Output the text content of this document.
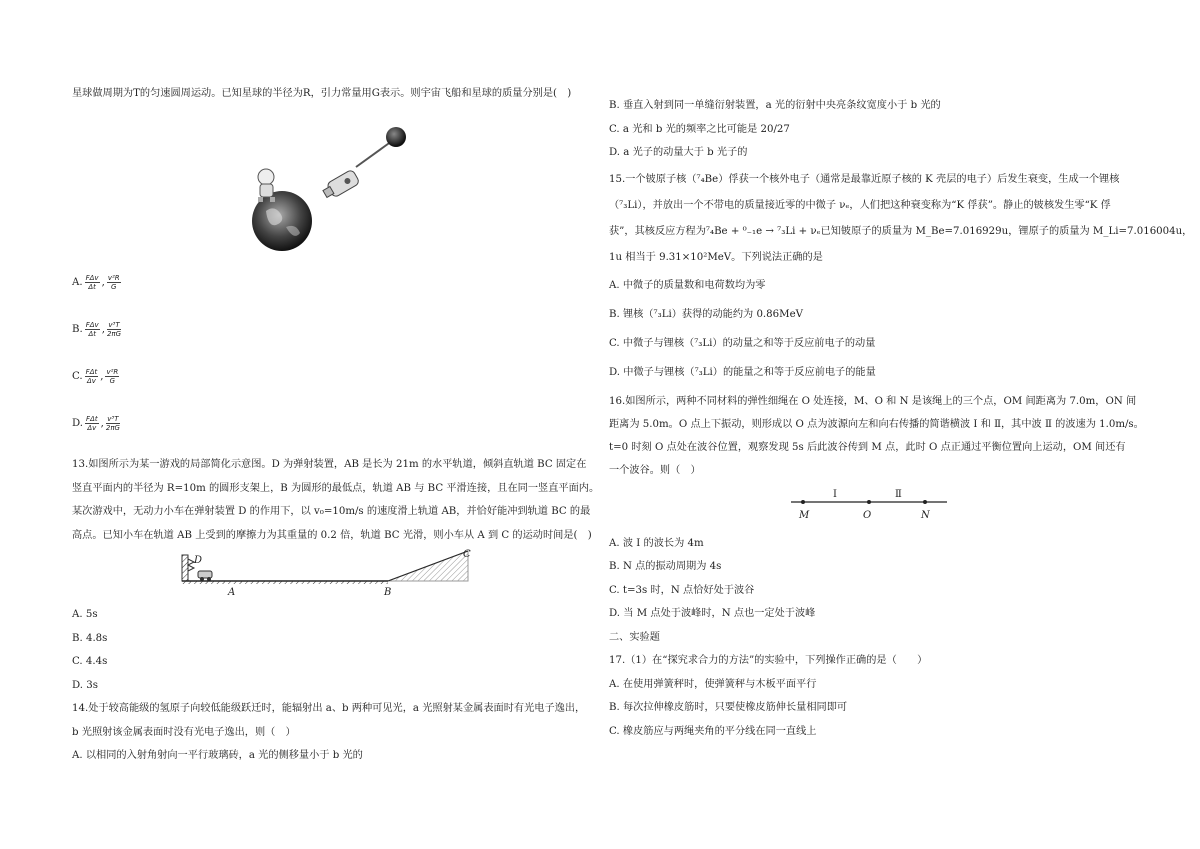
星球做周期为T的匀速圆周运动。已知星球的半径为R，引力常量用G表示。则宇宙飞船和星球的质量分别是(　)

A. $\frac{\text{FΔv}}{\Delta t}$ , $\frac{\text{v²R}}{G}$
B. $\frac{\text{FΔv}}{\Delta t}$ , $\frac{\text{v³T}}{2\pi G}$
C. $\frac{\text{FΔt}}{\Delta v}$ , $\frac{\text{v²R}}{G}$
D. $\frac{\text{FΔt}}{\Delta v}$ , $\frac{\text{v³T}}{2\pi G}$

13.如图所示为某一游戏的局部简化示意图。D 为弹射装置，AB 是长为 21m 的水平轨道，倾斜直轨道 BC 固定在

竖直平面内的半径为 R=10m 的圆形支架上，B 为圆形的最低点，轨道 AB 与 BC 平滑连接，且在同一竖直平面内。

某次游戏中，无动力小车在弹射装置 D 的作用下，以 v₀=10m/s 的速度滑上轨道 AB，并恰好能冲到轨道 BC 的最

高点。已知小车在轨道 AB 上受到的摩擦力为其重量的 0.2 倍，轨道 BC 光滑，则小车从 A 到 C 的运动时间是(　)

D
A	B
C

A. 5s

B. 4.8s

C. 4.4s

D. 3s

14.处于较高能级的氢原子向较低能级跃迁时，能辐射出 a、b 两种可见光，a 光照射某金属表面时有光电子逸出，

b 光照射该金属表面时没有光电子逸出，则（　）

A. 以相同的入射角射向一平行玻璃砖，a 光的侧移量小于 b 光的

B. 垂直入射到同一单缝衍射装置，a 光的衍射中央亮条纹宽度小于 b 光的

C. a 光和 b 光的频率之比可能是 20/27

D. a 光子的动量大于 b 光子的

15.一个铍原子核（⁷₄Be）俘获一个核外电子（通常是最靠近原子核的 K 壳层的电子）后发生衰变，生成一个锂核

（⁷₃Li），并放出一个不带电的质量接近零的中微子 νₑ，人们把这种衰变称为“K 俘获”。静止的铍核发生零“K 俘

获”，其核反应方程为⁷₄Be + ⁰₋₁e → ⁷₃Li + νₑ已知铍原子的质量为 M_Be=7.016929u，锂原子的质量为 M_Li=7.016004u，

1u 相当于 9.31×10²MeV。下列说法正确的是

A. 中微子的质量数和电荷数均为零

B. 锂核（⁷₃Li）获得的动能约为 0.86MeV

C. 中微子与锂核（⁷₃Li）的动量之和等于反应前电子的动量

D. 中微子与锂核（⁷₃Li）的能量之和等于反应前电子的能量

16.如图所示，两种不同材料的弹性细绳在 O 处连接，M、O 和 N 是该绳上的三个点，OM 间距离为 7.0m，ON 间

距离为 5.0m。O 点上下振动，则形成以 O 点为波源向左和向右传播的简谐横波 Ⅰ 和 Ⅱ，其中波 Ⅱ 的波速为 1.0m/s。

t=0 时刻 O 点处在波谷位置，观察发现 5s 后此波谷传到 M 点，此时 O 点正通过平衡位置向上运动，OM 间还有

一个波谷。则（　）

Ⅰ	Ⅱ
M	O	N

A. 波 Ⅰ 的波长为 4m

B. N 点的振动周期为 4s

C. t=3s 时，N 点恰好处于波谷

D. 当 M 点处于波峰时，N 点也一定处于波峰

二、实验题

17.（1）在“探究求合力的方法”的实验中，下列操作正确的是（　　）

A. 在使用弹簧秤时，使弹簧秤与木板平面平行

B. 每次拉伸橡皮筋时，只要使橡皮筋伸长量相同即可

C. 橡皮筋应与两绳夹角的平分线在同一直线上
